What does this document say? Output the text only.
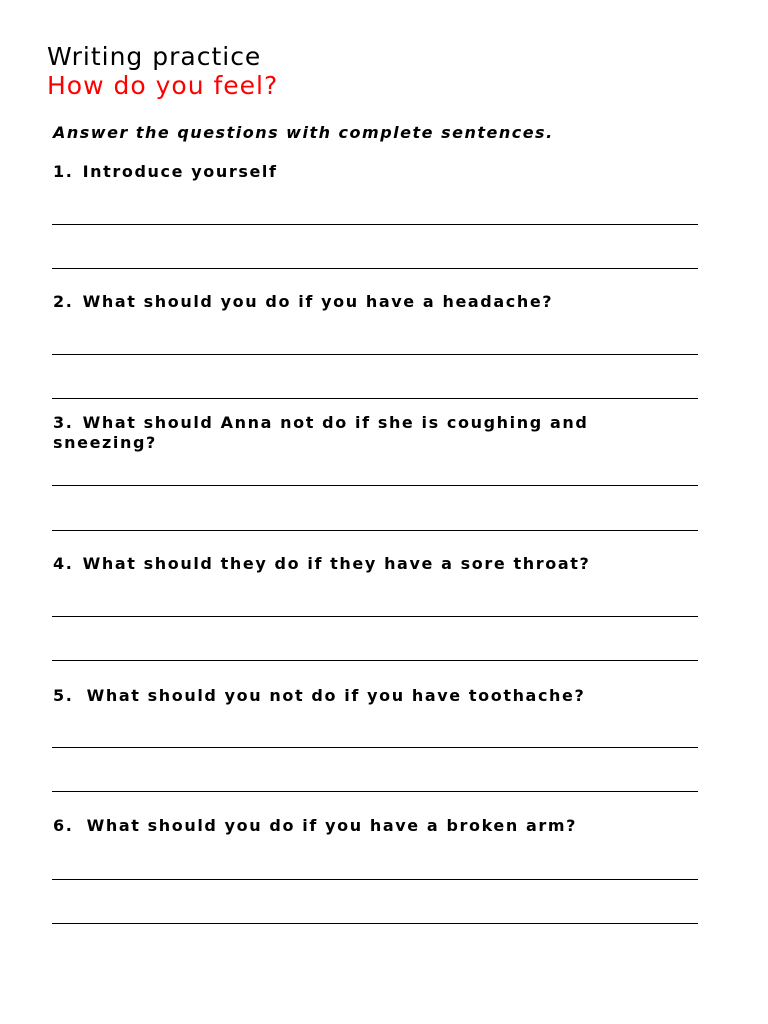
Writing practice
How do you feel?
Answer the questions with complete sentences.
1. Introduce yourself
2. What should you do if you have a headache?
3. What should Anna not do if she is coughing and sneezing?
4. What should they do if they have a sore throat?
5. What should you not do if you have toothache?
6. What should you do if you have a broken arm?
